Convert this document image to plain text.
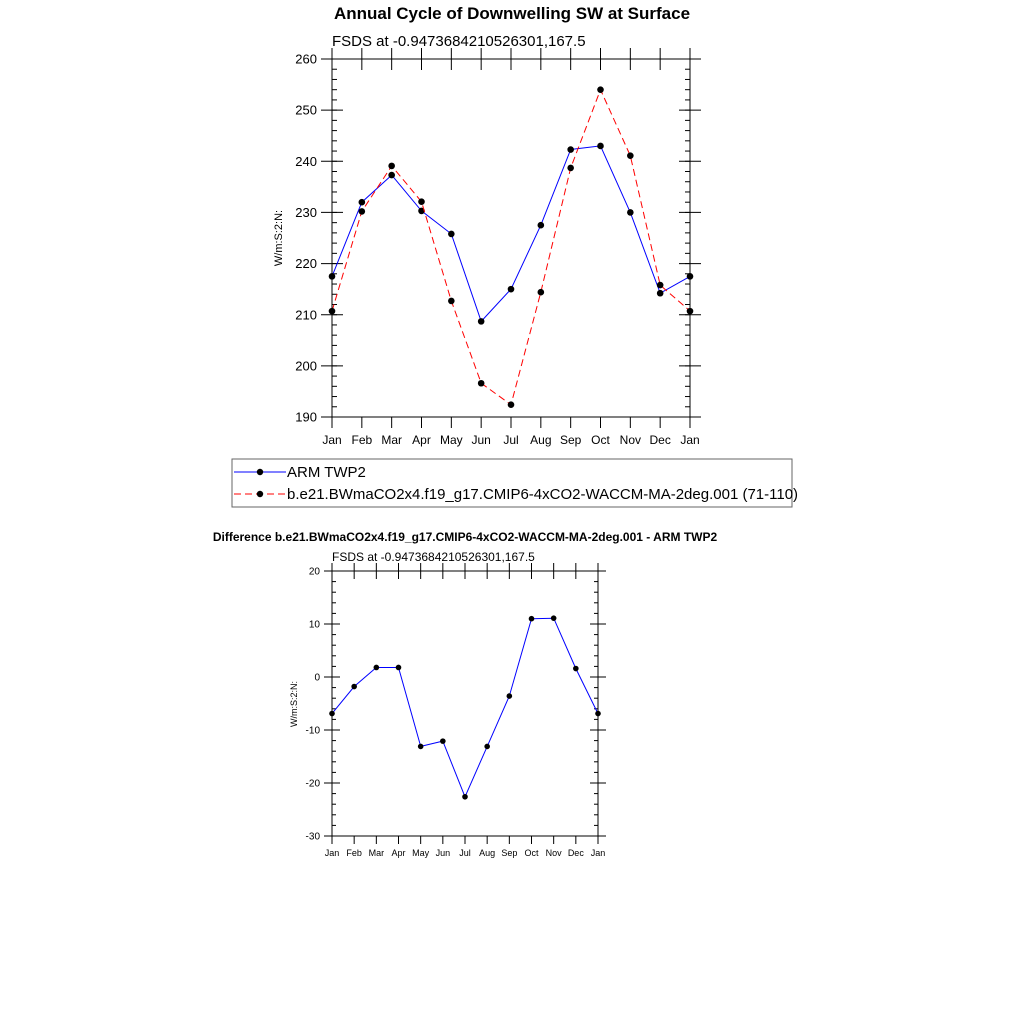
Annual Cycle of Downwelling SW at Surface
FSDS at -0.9473684210526301,167.5
W/m:S:2:N:
190
200
210
220
230
240
250
260
Jan Feb Mar Apr May Jun Jul Aug Sep Oct Nov Dec Jan
ARM TWP2
b.e21.BWmaCO2x4.f19_g17.CMIP6-4xCO2-WACCM-MA-2deg.001 (71-110)
Difference b.e21.BWmaCO2x4.f19_g17.CMIP6-4xCO2-WACCM-MA-2deg.001 - ARM TWP2
FSDS at -0.9473684210526301,167.5
W/m:S:2:N:
-30
-20
-10
0
10
20
Jan Feb Mar Apr May Jun Jul Aug Sep Oct Nov Dec Jan
